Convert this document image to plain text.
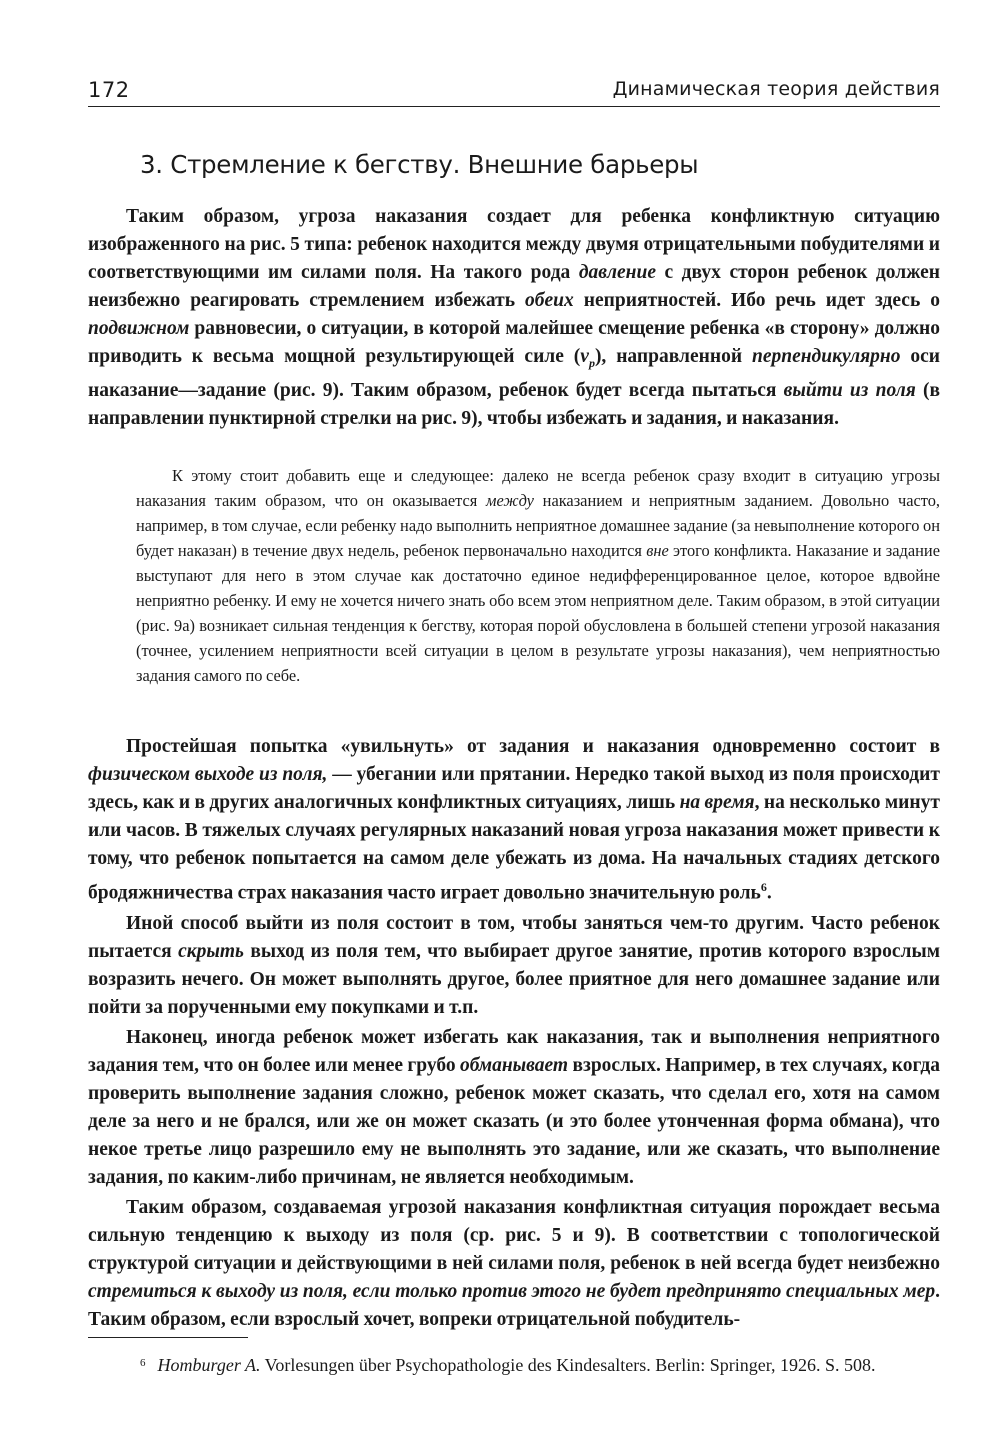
172	Динамическая теория действия
3. Стремление к бегству. Внешние барьеры

Таким образом, угроза наказания создает для ребенка конфликтную ситуацию изображенного на рис. 5 типа: ребенок находится между двумя отрицательными побудителями и соответствующими им силами поля. На такого рода давление с двух сторон ребенок должен неизбежно реагировать стремлением избежать обеих неприятностей. Ибо речь идет здесь о подвижном равновесии, о ситуации, в которой малейшее смещение ребенка «в сторону» должно приводить к весьма мощной результирующей силе $(v_p)$, направленной перпендикулярно оси наказание—задание (рис. 9). Таким образом, ребенок будет всегда пытаться выйти из поля (в направлении пунктирной стрелки на рис. 9), чтобы избежать и задания, и наказания.

К этому стоит добавить еще и следующее: далеко не всегда ребенок сразу входит в ситуацию угрозы наказания таким образом, что он оказывается между наказанием и неприятным заданием. Довольно часто, например, в том случае, если ребенку надо выполнить неприятное домашнее задание (за невыполнение которого он будет наказан) в течение двух недель, ребенок первоначально находится вне этого конфликта. Наказание и задание выступают для него в этом случае как достаточно единое недифференцированное целое, которое вдвойне неприятно ребенку. И ему не хочется ничего знать обо всем этом неприятном деле. Таким образом, в этой ситуации (рис. 9а) возникает сильная тенденция к бегству, которая порой обусловлена в большей степени угрозой наказания (точнее, усилением неприятности всей ситуации в целом в результате угрозы наказания), чем неприятностью задания самого по себе.

Простейшая попытка «увильнуть» от задания и наказания одновременно состоит в физическом выходе из поля, — убегании или прятании. Нередко такой выход из поля происходит здесь, как и в других аналогичных конфликтных ситуациях, лишь на время, на несколько минут или часов. В тяжелых случаях регулярных наказаний новая угроза наказания может привести к тому, что ребенок попытается на самом деле убежать из дома. На начальных стадиях детского бродяжничества страх наказания часто играет довольно значительную роль$^6$.

Иной способ выйти из поля состоит в том, чтобы заняться чем-то другим. Часто ребенок пытается скрыть выход из поля тем, что выбирает другое занятие, против которого взрослым возразить нечего. Он может выполнять другое, более приятное для него домашнее задание или пойти за порученными ему покупками и т.п.

Наконец, иногда ребенок может избегать как наказания, так и выполнения неприятного задания тем, что он более или менее грубо обманывает взрослых. Например, в тех случаях, когда проверить выполнение задания сложно, ребенок может сказать, что сделал его, хотя на самом деле за него и не брался, или же он может сказать (и это более утонченная форма обмана), что некое третье лицо разрешило ему не выполнять это задание, или же сказать, что выполнение задания, по каким-либо причинам, не является необходимым.

Таким образом, создаваемая угрозой наказания конфликтная ситуация порождает весьма сильную тенденцию к выходу из поля (ср. рис. 5 и 9). В соответствии с топологической структурой ситуации и действующими в ней силами поля, ребенок в ней всегда будет неизбежно стремиться к выходу из поля, если только против этого не будет предпринято специальных мер. Таким образом, если взрослый хочет, вопреки отрицательной побудитель-

$^6$ Homburger A. Vorlesungen über Psychopathologie des Kindesalters. Berlin: Springer, 1926. S. 508.
